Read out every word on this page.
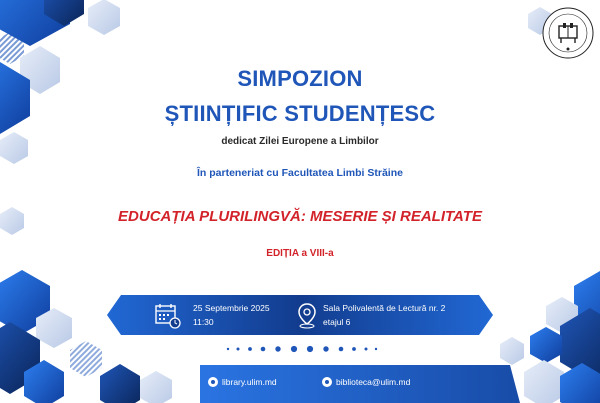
SIMPOZION
ȘTIINȚIFIC STUDENȚESC
dedicat Zilei Europene a Limbilor
În parteneriat cu Facultatea Limbi Străine
EDUCAȚIA PLURILINGVĂ: MESERIE ȘI REALITATE
EDIȚIA a VIII-a
25 Septembrie 2025
11:30
Sala Polivalentă de Lectură nr. 2
etajul 6
library.ulim.md	biblioteca@ulim.md
